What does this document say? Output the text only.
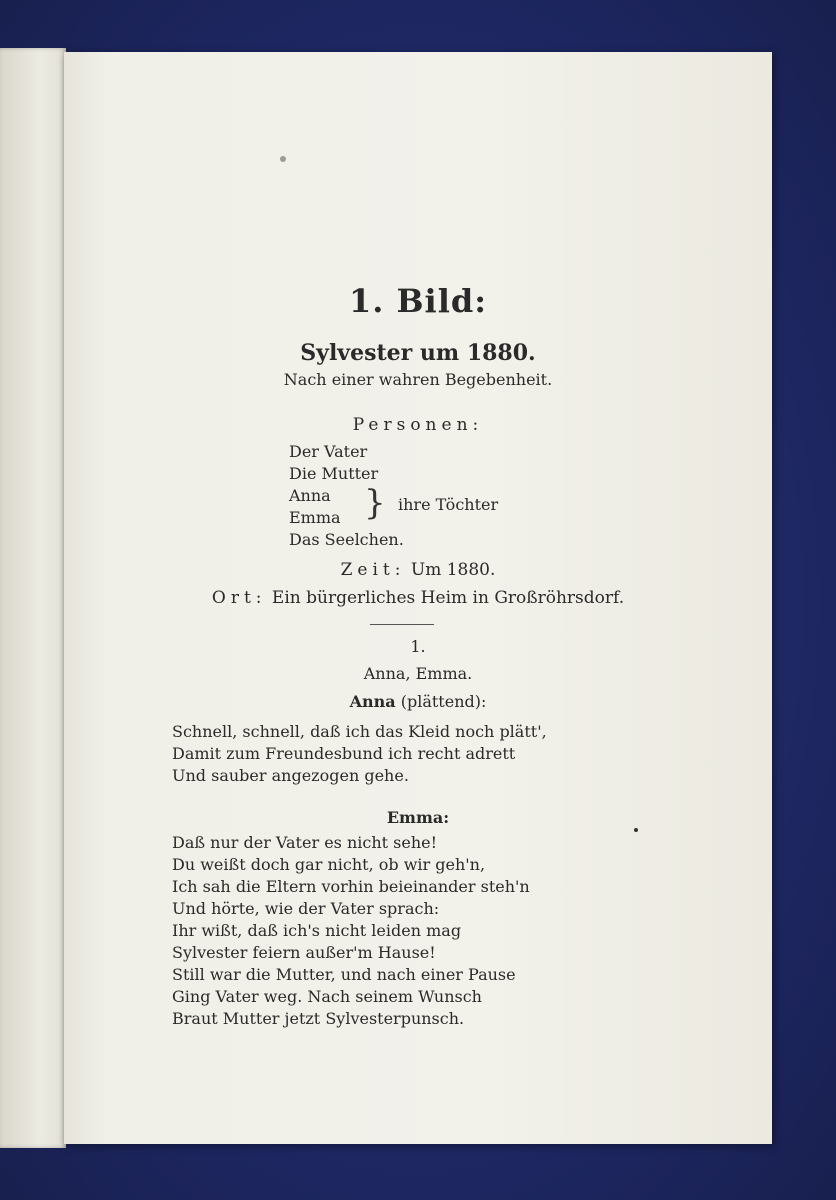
1. Bild:
Sylvester um 1880.
Nach einer wahren Begebenheit.
Personen:
Der Vater
Die Mutter
Anna
Emma
Das Seelchen.
} ihre Töchter
Zeit: Um 1880.
Ort: Ein bürgerliches Heim in Großröhrsdorf.
1.
Anna, Emma.
Anna (plättend):
Schnell, schnell, daß ich das Kleid noch plätt',
Damit zum Freundesbund ich recht adrett
Und sauber angezogen gehe.
Emma:
Daß nur der Vater es nicht sehe!
Du weißt doch gar nicht, ob wir geh'n,
Ich sah die Eltern vorhin beieinander steh'n
Und hörte, wie der Vater sprach:
Ihr wißt, daß ich's nicht leiden mag
Sylvester feiern außer'm Hause!
Still war die Mutter, und nach einer Pause
Ging Vater weg. Nach seinem Wunsch
Braut Mutter jetzt Sylvesterpunsch.
